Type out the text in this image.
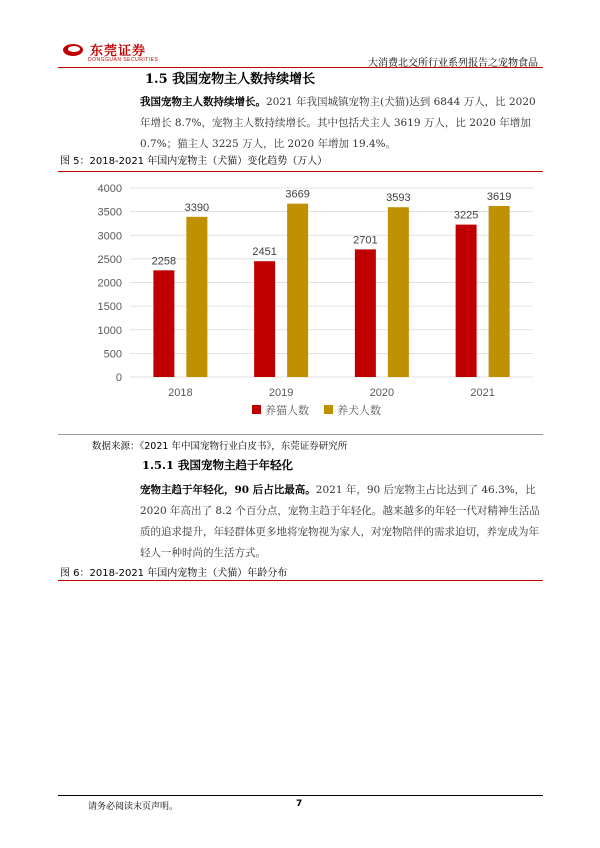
东莞证券
DONGGUAN SECURITIES	大消费北交所行业系列报告之宠物食品
1.5 我国宠物主人数持续增长
我国宠物主人数持续增长。2021 年我国城镇宠物主(犬猫)达到 6844 万人，比 2020 年增长 8.7%，宠物主人数持续增长。其中包括犬主人 3619 万人，比 2020 年增加 0.7%；猫主人 3225 万人，比 2020 年增加 19.4%。
图 5：2018-2021 年国内宠物主（犬猫）变化趋势（万人）
0
500
1000
1500
2000
2500
3000
3500
4000
2258
3390
2018
2451
3669
2019
2701
3593
2020
3225
3619
2021
养猫人数	养犬人数
数据来源：《2021 年中国宠物行业白皮书》，东莞证券研究所
1.5.1 我国宠物主趋于年轻化
宠物主趋于年轻化，90 后占比最高。2021 年，90 后宠物主占比达到了 46.3%，比 2020 年高出了 8.2 个百分点，宠物主趋于年轻化。越来越多的年轻一代对精神生活品质的追求提升，年轻群体更多地将宠物视为家人，对宠物陪伴的需求迫切，养宠成为年轻人一种时尚的生活方式。
图 6：2018-2021 年国内宠物主（犬猫）年龄分布
请务必阅读末页声明。	7
